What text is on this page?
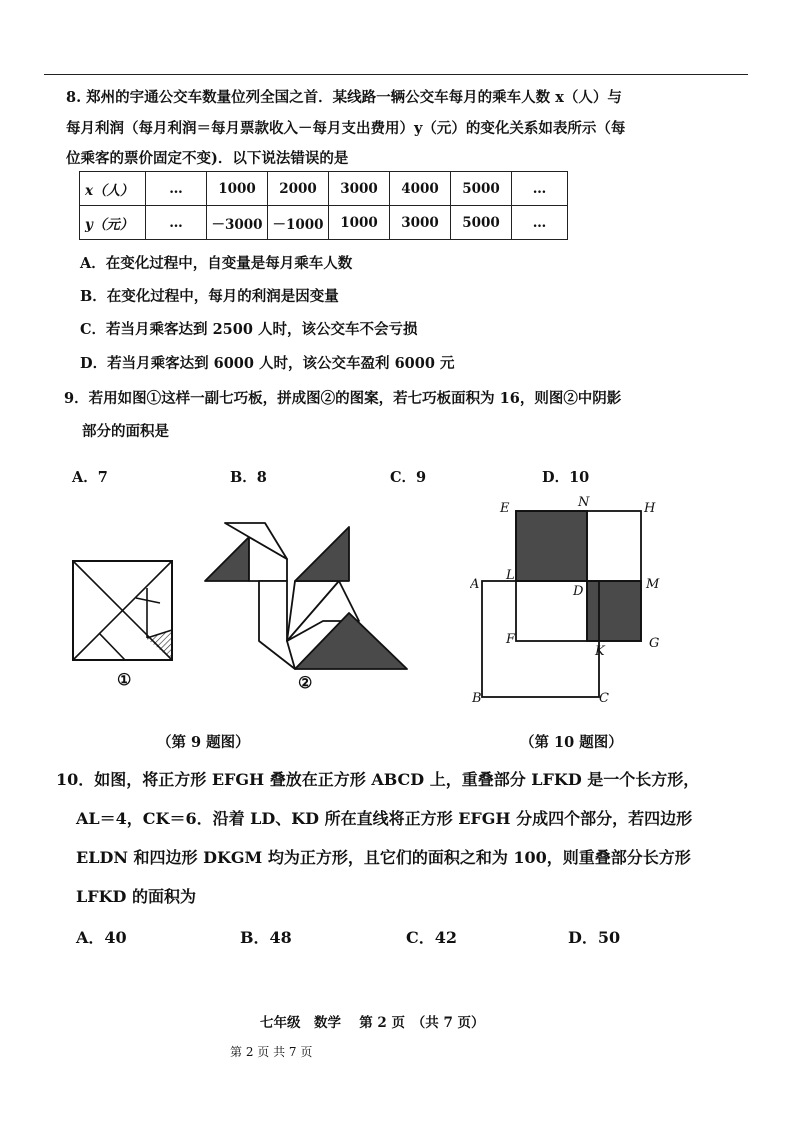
8. 郑州的宇通公交车数量位列全国之首．某线路一辆公交车每月的乘车人数 x（人）与
每月利润（每月利润＝每月票款收入－每月支出费用）y（元）的变化关系如表所示（每
位乘客的票价固定不变)．以下说法错误的是
x（人）	…	1000	2000	3000	4000	5000	…
y（元）	…	－3000	－1000	1000	3000	5000	…
A．在变化过程中，自变量是每月乘车人数
B．在变化过程中，每月的利润是因变量
C．若当月乘客达到 2500 人时，该公交车不会亏损
D．若当月乘客达到 6000 人时，该公交车盈利 6000 元
9．若用如图①这样一副七巧板，拼成图②的图案，若七巧板面积为 16，则图②中阴影
部分的面积是
A．7	B．8	C．9	D．10
①	②
（第 9 题图）
E	N	H
A
L
D	M
F
K
G
B	C
（第 10 题图）
10．如图，将正方形 EFGH 叠放在正方形 ABCD 上，重叠部分 LFKD 是一个长方形，
AL＝4，CK＝6．沿着 LD、KD 所在直线将正方形 EFGH 分成四个部分，若四边形
ELDN 和四边形 DKGM 均为正方形，且它们的面积之和为 100，则重叠部分长方形
LFKD 的面积为
A．40	B．48	C．42	D．50
七年级　数学　 第 2 页　（共 7 页）
第 2 页 共 7 页
